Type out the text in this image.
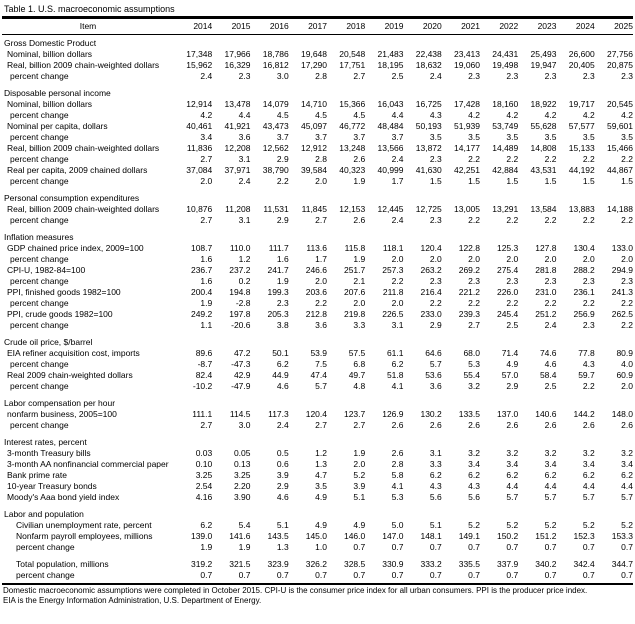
Table 1. U.S. macroeconomic assumptions
Item	2014	2015	2016	2017	2018	2019	2020	2021	2022	2023	2024	2025
Gross Domestic Product												
Nominal, billion dollars	17,348	17,966	18,786	19,648	20,548	21,483	22,438	23,413	24,431	25,493	26,600	27,756
Real, billion 2009 chain-weighted dollars	15,962	16,329	16,812	17,290	17,751	18,195	18,632	19,060	19,498	19,947	20,405	20,875
percent change	2.4	2.3	3.0	2.8	2.7	2.5	2.4	2.3	2.3	2.3	2.3	2.3

Disposable personal income												
Nominal, billion dollars	12,914	13,478	14,079	14,710	15,366	16,043	16,725	17,428	18,160	18,922	19,717	20,545
percent change	4.2	4.4	4.5	4.5	4.5	4.4	4.3	4.2	4.2	4.2	4.2	4.2
Nominal per capita, dollars	40,461	41,921	43,473	45,097	46,772	48,484	50,193	51,939	53,749	55,628	57,577	59,601
percent change	3.4	3.6	3.7	3.7	3.7	3.7	3.5	3.5	3.5	3.5	3.5	3.5
Real, billion 2009 chain-weighted dollars	11,836	12,208	12,562	12,912	13,248	13,566	13,872	14,177	14,489	14,808	15,133	15,466
percent change	2.7	3.1	2.9	2.8	2.6	2.4	2.3	2.2	2.2	2.2	2.2	2.2
Real per capita, 2009 chained dollars	37,084	37,971	38,790	39,584	40,323	40,999	41,630	42,251	42,884	43,531	44,192	44,867
percent change	2.0	2.4	2.2	2.0	1.9	1.7	1.5	1.5	1.5	1.5	1.5	1.5

Personal consumption expenditures												
Real, billion 2009 chain-weighted dollars	10,876	11,208	11,531	11,845	12,153	12,445	12,725	13,005	13,291	13,584	13,883	14,188
percent change	2.7	3.1	2.9	2.7	2.6	2.4	2.3	2.2	2.2	2.2	2.2	2.2

Inflation measures												
GDP chained price index, 2009=100	108.7	110.0	111.7	113.6	115.8	118.1	120.4	122.8	125.3	127.8	130.4	133.0
percent change	1.6	1.2	1.6	1.7	1.9	2.0	2.0	2.0	2.0	2.0	2.0	2.0
CPI-U, 1982-84=100	236.7	237.2	241.7	246.6	251.7	257.3	263.2	269.2	275.4	281.8	288.2	294.9
percent change	1.6	0.2	1.9	2.0	2.1	2.2	2.3	2.3	2.3	2.3	2.3	2.3
PPI, finished goods 1982=100	200.4	194.8	199.3	203.6	207.6	211.8	216.4	221.2	226.0	231.0	236.1	241.3
percent change	1.9	-2.8	2.3	2.2	2.0	2.0	2.2	2.2	2.2	2.2	2.2	2.2
PPI, crude goods 1982=100	249.2	197.8	205.3	212.8	219.8	226.5	233.0	239.3	245.4	251.2	256.9	262.5
percent change	1.1	-20.6	3.8	3.6	3.3	3.1	2.9	2.7	2.5	2.4	2.3	2.2

Crude oil price, $/barrel												
EIA refiner acquisition cost, imports	89.6	47.2	50.1	53.9	57.5	61.1	64.6	68.0	71.4	74.6	77.8	80.9
percent change	-8.7	-47.3	6.2	7.5	6.8	6.2	5.7	5.3	4.9	4.6	4.3	4.0
Real 2009 chain-weighted dollars	82.4	42.9	44.9	47.4	49.7	51.8	53.6	55.4	57.0	58.4	59.7	60.9
percent change	-10.2	-47.9	4.6	5.7	4.8	4.1	3.6	3.2	2.9	2.5	2.2	2.0

Labor compensation per hour												
nonfarm business, 2005=100	111.1	114.5	117.3	120.4	123.7	126.9	130.2	133.5	137.0	140.6	144.2	148.0
percent change	2.7	3.0	2.4	2.7	2.7	2.6	2.6	2.6	2.6	2.6	2.6	2.6

Interest rates, percent												
3-month Treasury bills	0.03	0.05	0.5	1.2	1.9	2.6	3.1	3.2	3.2	3.2	3.2	3.2
3-month AA nonfinancial commercial paper	0.10	0.13	0.6	1.3	2.0	2.8	3.3	3.4	3.4	3.4	3.4	3.4
Bank prime rate	3.25	3.25	3.9	4.7	5.2	5.8	6.2	6.2	6.2	6.2	6.2	6.2
10-year Treasury bonds	2.54	2.20	2.9	3.5	3.9	4.1	4.3	4.3	4.4	4.4	4.4	4.4
Moody's Aaa bond yield index	4.16	3.90	4.6	4.9	5.1	5.3	5.6	5.6	5.7	5.7	5.7	5.7

Labor and population												
Civilian unemployment rate, percent	6.2	5.4	5.1	4.9	4.9	5.0	5.1	5.2	5.2	5.2	5.2	5.2
Nonfarm payroll employees, millions	139.0	141.6	143.5	145.0	146.0	147.0	148.1	149.1	150.2	151.2	152.3	153.3
percent change	1.9	1.9	1.3	1.0	0.7	0.7	0.7	0.7	0.7	0.7	0.7	0.7

Total population, millions	319.2	321.5	323.9	326.2	328.5	330.9	333.2	335.5	337.9	340.2	342.4	344.7
percent change	0.7	0.7	0.7	0.7	0.7	0.7	0.7	0.7	0.7	0.7	0.7	0.7
Domestic macroeconomic assumptions were completed in October 2015. CPI-U is the consumer price index for all urban consumers. PPI is the producer price index.
EIA is the Energy Information Administration, U.S. Department of Energy.
